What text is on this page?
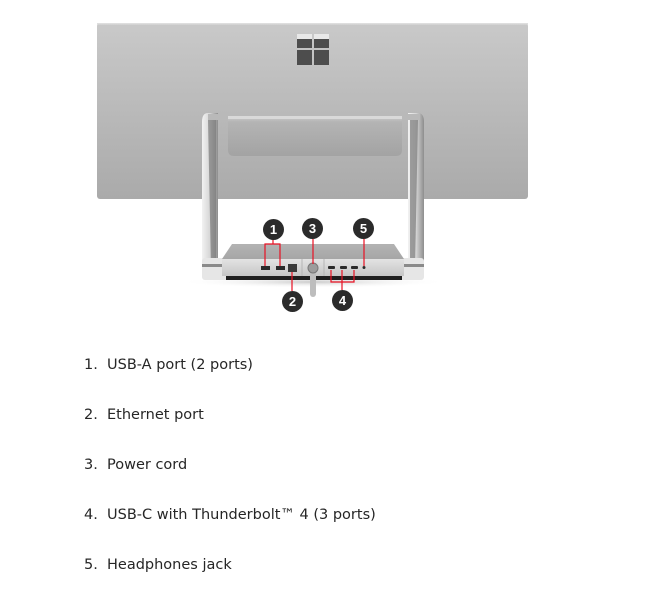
1
2
3
4
5
1. USB-A port (2 ports)
2. Ethernet port
3. Power cord
4. USB-C with Thunderbolt™ 4 (3 ports)
5. Headphones jack
